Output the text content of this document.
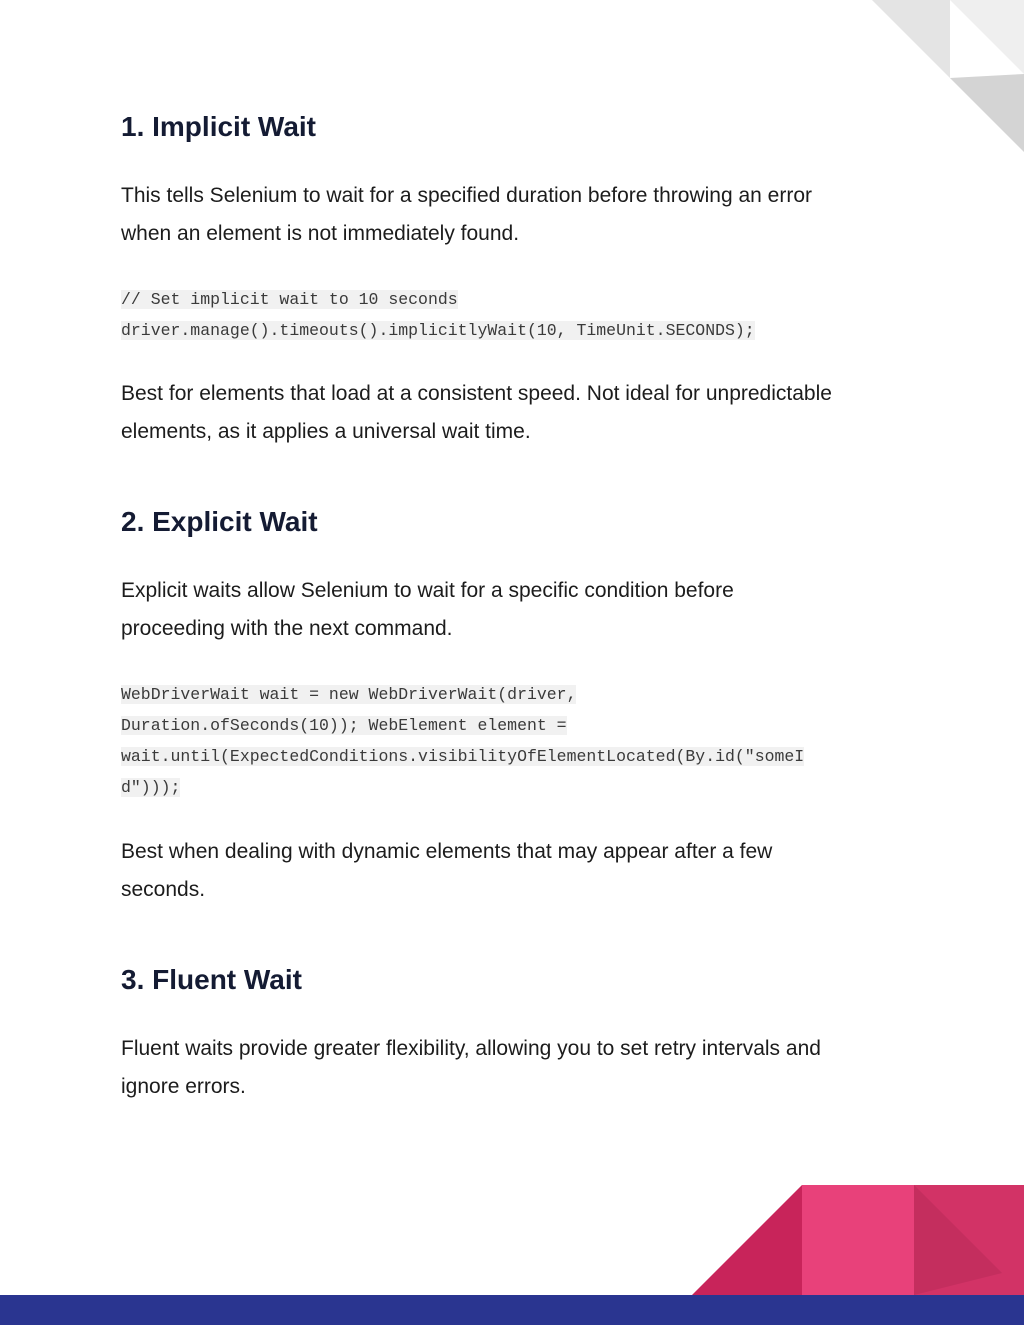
1. Implicit Wait

This tells Selenium to wait for a specified duration before throwing an error
when an element is not immediately found.

// Set implicit wait to 10 seconds
driver.manage().timeouts().implicitlyWait(10, TimeUnit.SECONDS);

Best for elements that load at a consistent speed. Not ideal for unpredictable
elements, as it applies a universal wait time.

2. Explicit Wait

Explicit waits allow Selenium to wait for a specific condition before
proceeding with the next command.

WebDriverWait wait = new WebDriverWait(driver,
Duration.ofSeconds(10)); WebElement element =
wait.until(ExpectedConditions.visibilityOfElementLocated(By.id("someI
d")));

Best when dealing with dynamic elements that may appear after a few
seconds.

3. Fluent Wait

Fluent waits provide greater flexibility, allowing you to set retry intervals and
ignore errors.
